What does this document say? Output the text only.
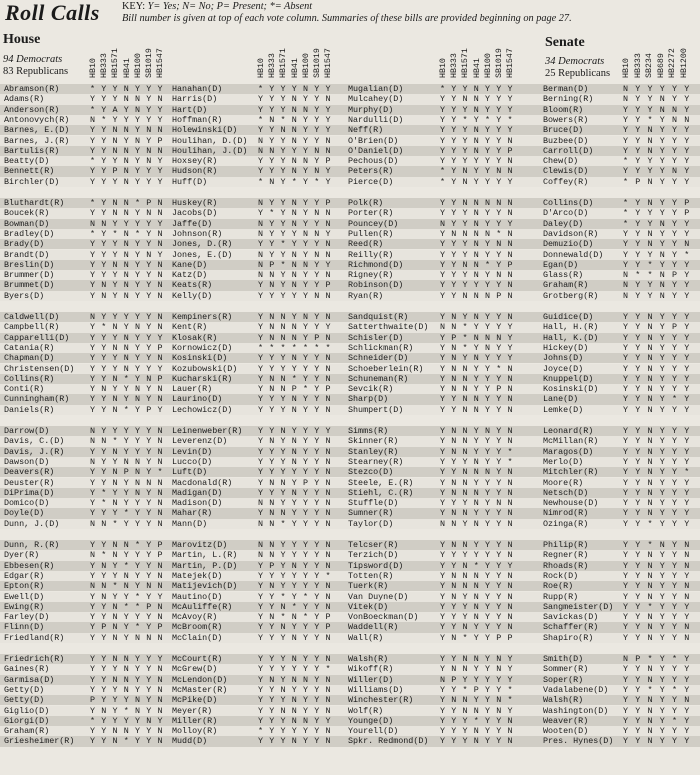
Roll Calls KEY: Y= Yes; N= No; P= Present; *= Absent
Bill number is given at top of each vote column. Summaries of these bills are provided beginning on page 27.
House
94 Democrats
83 Republicans
Senate
34 Democrats
25 Republicans
HB10 HB333 HB1571 HB41 HB100 SB1019 HB1547	HB10 HB333 HB1571 HB41 HB100 SB1019 HB1547	HB10 HB333 HB1571 HB41 HB100 SB1019 HB1547	HB10 HB333 SB234 HB689 HB2272 HB1200
Abramson(R)	* Y Y N Y Y Y Hanahan(D)	* Y Y Y N Y Y Mugalian(D)	* Y Y N Y Y Y	Berman(D)	N Y Y Y Y Y
Adams(R)	Y Y Y N N Y N Harris(D)	Y Y Y N Y Y N Mulcahey(D)	Y Y N N Y Y Y	Berning(R)	N Y Y N Y Y
Anderson(R)	* Y A Y N Y Y Hart(D)	Y Y Y N N Y Y Murphy(D)	Y Y Y N Y Y Y	Bloom(R)	Y Y Y N N Y
Antonovych(R) N * Y Y Y Y Y Hoffman(R)	* N * N Y Y Y Nardulli(D)	Y Y * Y * Y *	Bowers(R)	Y Y * Y N N
Barnes, E.(D) Y Y N N Y N N Holewinski(D) Y Y N N Y Y Y Neff(R)	Y Y Y N Y Y Y	Bruce(D)	Y Y N Y Y Y
Barnes, J.(R) Y Y N Y N Y P Houlihan, D.(D) N Y Y N Y Y N O'Brien(D)	Y Y Y N Y Y N	Buzbee(D)	Y Y N Y Y Y
Bartulis(R)	Y Y N N Y N N Houlihan, J.(D) N N Y Y Y N N O'Daniel(D)	Y Y Y N Y Y P	Carroll(D)	Y Y N Y Y Y
Beatty(D)	* Y Y N Y N Y Hoxsey(R)	Y Y Y N N Y P Pechous(D)	Y Y Y Y Y Y N	Chew(D)	* Y Y Y Y Y
Bennett(R)	Y Y P N Y Y Y Hudson(R)	Y Y Y N Y N Y Peters(R)	* Y N Y Y N N	Clewis(D)	Y Y Y Y N Y
Birchler(D)	Y Y Y N Y Y Y Huff(D)	* N Y * Y * Y Pierce(D)	* Y N Y Y Y Y	Coffey(R)	* P N Y Y Y
Bluthardt(R)	* Y N N * P N Huskey(R)	N Y Y N Y Y P Polk(R)	Y Y N N N N N	Collins(D)	* Y N Y Y P
Boucek(R)	Y Y N N Y N N Jacobs(D)	Y * Y N Y N N Porter(R)	Y Y Y N Y Y N	D'Arco(D)	* Y Y Y Y P
Bowman(D)	N N Y Y Y Y Y Jaffe(D)	N Y Y N Y Y N Pouncey(D)	N Y Y N Y Y Y	Daley(D)	* Y Y N Y Y
Bradley(D)	* Y * N * Y N Johnson(R)	N Y Y Y N N Y Pullen(R)	Y N N N N * N	Davidson(R)	Y Y N Y Y Y
Brady(D)	Y Y Y N Y Y N Jones, D.(R)	Y Y * Y Y Y N Reed(R)	Y Y Y N Y N N	Demuzio(D)	Y Y N Y Y N
Brandt(D)	Y Y Y N Y N Y Jones, E.(D)	N Y Y N Y N N Reilly(R)	Y Y Y N Y Y N	Donnewald(D) Y Y Y N Y *
Breslin(D)	Y Y N N Y Y N Kane(D)	N P * N N Y Y Richmond(D)	Y Y N N * Y P	Egan(D)	Y Y * Y Y Y
Brummer(D)	Y Y Y N Y Y N Katz(D)	N N Y N Y Y N Rigney(R)	Y Y Y N Y N N	Glass(R)	N * * N P Y
Brummet(D)	Y N Y N Y Y N Keats(R)	Y N Y N Y Y P Robinson(D)	Y Y Y Y Y Y N	Graham(R)	N Y Y N Y Y
Byers(D)	Y N Y N Y Y N Kelly(D)	Y Y Y Y Y N N Ryan(R)	Y Y N N N P N	Grotberg(R)	N Y Y N Y Y
Caldwell(D)	N Y Y Y Y Y N Kempiners(R)	Y N N Y N Y N Sandquist(R)	Y N Y N Y Y N	Guidice(D)	Y Y N Y Y Y
Campbell(R)	Y * N Y N Y N Kent(R)	Y N N N Y Y Y Satterthwaite(D) N N * Y Y Y Y	Hall, H.(R)	Y Y N Y P Y
Capparelli(D) Y Y Y N Y Y Y Klosak(R)	Y N N N Y P N Schisler(D)	Y P * N N N Y	Hall, K.(D)	Y Y N Y Y Y
Catania(R)	Y Y N N Y Y P Kornowicz(D)	* * * * * * * Schlickman(R)	Y N * Y N Y Y	Hickey(D)	Y Y N Y Y Y
Chapman(D)	Y Y Y N Y Y N Kosinski(D)	Y Y Y N Y Y N Schneider(D)	Y N Y N Y Y Y	Johns(D)	Y Y N Y Y Y
Christensen(D) Y Y Y N Y Y Y Kozubowski(D) Y Y Y Y Y Y N Schoeberlein(R) Y N N Y Y * N	Joyce(D)	Y Y N Y Y Y
Collins(R)	Y Y N * Y N P Kucharski(R)	Y N N * Y Y N Schuneman(R)	Y N N Y Y Y N	Knuppel(D)	Y Y N Y Y Y
Conti(R)	Y N Y Y N Y N Lauer(R)	Y N N P * Y P Sevcik(R)	Y N N Y Y P N	Kosinski(D)	Y Y N Y Y Y
Cunningham(R) Y Y N Y N Y N Laurino(D)	Y Y Y N Y Y N Sharp(D)	Y Y N N Y Y N	Lane(D)	Y Y N Y * Y
Daniels(R)	Y Y N * Y P Y Lechowicz(D)	Y Y Y N Y Y N Shumpert(D)	Y Y N N Y Y N	Lemke(D)	Y Y N Y Y Y
Darrow(D)	N Y Y Y Y Y N Leinenweber(R) Y Y N Y Y Y Y Simms(R)	Y N N Y N Y N	Leonard(R)	Y Y N Y Y Y
Davis, C.(D)	N N * Y Y Y N Leverenz(D)	Y N Y N Y Y N Skinner(R)	Y N N Y Y Y N	McMillan(R)	Y Y N Y Y Y
Davis, J.(R)	Y Y N Y Y Y N Levin(D)	Y Y Y N Y Y N Stanley(R)	Y N N Y Y Y *	Maragos(D)	Y Y N Y Y Y
Dawson(D)	N Y Y N N Y N Lucco(D)	Y Y Y N Y Y N Stearney(R)	Y Y Y N Y Y *	Merlo(D)	Y Y N Y Y Y
Deavers(R)	Y Y N P N Y * Luft(D)	Y Y Y Y Y Y N Stezco(D)	Y Y N N N Y N	Mitchler(R)	Y Y N Y Y *
Deuster(R)	Y Y N Y N N N Macdonald(R)	Y N N Y P Y N Steele, E.(R)	Y N N Y Y Y N	Moore(R)	Y Y N Y Y Y
DiPrima(D)	Y * Y Y N Y N Madigan(D)	Y Y Y N Y Y N Stiehl, C.(R)	Y N N N Y Y N	Netsch(D)	Y Y N Y Y Y
Domico(D)	Y * N Y Y Y N Madison(D)	N N Y Y Y Y N Stuffle(D)	Y Y Y N Y N N	Newhouse(D)	Y Y N Y Y Y
Doyle(D)	Y Y Y * Y Y N Mahar(R)	Y N N Y Y Y N Sumner(R)	Y N N Y Y Y N	Nimrod(R)	Y Y N Y Y Y
Dunn, J.(D)	N N * Y Y Y N Mann(D)	N N * Y Y Y N Taylor(D)	N N Y N Y Y N	Ozinga(R)	Y Y * Y Y Y
Dunn, R.(R)	Y Y N N * Y P Marovitz(D)	N N Y Y Y Y N Telcser(R)	Y N N Y Y Y N	Philip(R)	Y Y * N Y N
Dyer(R)	N * N Y Y Y P Martin, L.(R) N N Y Y Y Y N Terzich(D)	Y Y Y Y Y Y N	Regner(R)	Y Y N Y Y N
Ebbesen(R)	Y N Y * Y Y N Martin, P.(D) Y P Y N Y Y N Tipsword(D)	Y Y N * Y Y Y	Rhoads(R)	Y Y N Y Y N
Edgar(R)	Y Y Y N Y Y N Matejek(D)	Y Y Y Y Y Y * Totten(R)	Y N N N Y Y N	Rock(D)	Y Y N Y Y Y
Epton(R)	N N * N Y N N Matijevich(D) Y N Y Y Y Y N Tuerk(R)	Y N N N Y Y N	Roe(R)	Y Y N Y Y N
Ewell(D)	Y N Y Y * Y Y Mautino(D)	Y Y * Y * Y N Van Duyne(D)	Y N Y N Y Y N	Rupp(R)	Y Y N Y Y N
Ewing(R)	Y Y N * * P N McAuliffe(R)	Y Y N * Y Y N Vitek(D)	Y Y Y N Y Y N	Sangmeister(D) Y Y * Y Y Y
Farley(D)	Y Y N Y Y Y N McAvoy(R)	Y N * N * Y P VonBoeckman(D)	Y Y Y N Y Y N	Savickas(D)	Y Y N Y Y Y
Flinn(D)	Y P N Y * Y P McBroom(R)	Y Y N Y Y Y P Waddell(R)	Y Y N Y Y Y N	Schaffer(R)	Y Y N Y Y N
Friedland(R)	Y Y N Y N N N McClain(D)	Y Y Y N Y Y N Wall(R)	Y N * Y Y P P	Shapiro(R)	Y Y N Y Y N
Friedrich(R)	Y Y N N Y Y Y McCourt(R)	Y Y Y N Y Y N Walsh(R)	Y Y N N Y N Y	Smith(D)	N P * Y * Y
Gaines(R)	Y Y Y N Y Y N McGrew(D)	Y Y Y Y Y Y * Wikoff(R)	Y N N Y Y N Y	Sommer(R)	Y Y N Y Y Y
Garmisa(D)	Y Y N N Y Y N McLendon(D)	Y N Y N N Y N Willer(D)	N P Y Y Y Y Y	Soper(R)	Y Y N Y Y Y
Getty(D)	Y Y Y N Y Y N McMaster(R)	Y Y N Y Y Y N Williams(D)	Y Y * P Y Y *	Vadalabene(D) Y Y * Y * Y
Getty(D)	P Y Y Y N Y N McPike(D)	Y Y Y N Y Y N Winchester(R)	Y N N Y Y N *	Walsh(R)	Y Y N Y Y N
Giglio(D)	Y N Y * N Y N Meyer(R)	Y Y N N Y Y N Wolf(R)	Y Y N N Y N Y	Washington(D) Y Y N Y Y Y
Giorgi(D)	* Y Y Y Y N Y Miller(R)	Y Y Y N N Y Y Younge(D)	Y Y Y * Y Y N	Weaver(R)	Y Y N Y * Y
Graham(R)	Y Y N N Y Y N Molloy(R)	* Y Y Y Y Y N Yourell(D)	Y Y Y N Y Y N	Wooten(D)	Y Y N Y Y Y
Griesheimer(R) Y Y N * Y Y N Mudd(D)	Y Y Y N Y Y N Spkr. Redmond(D) Y Y Y N Y Y N	Pres. Hynes(D) Y Y N Y Y Y
